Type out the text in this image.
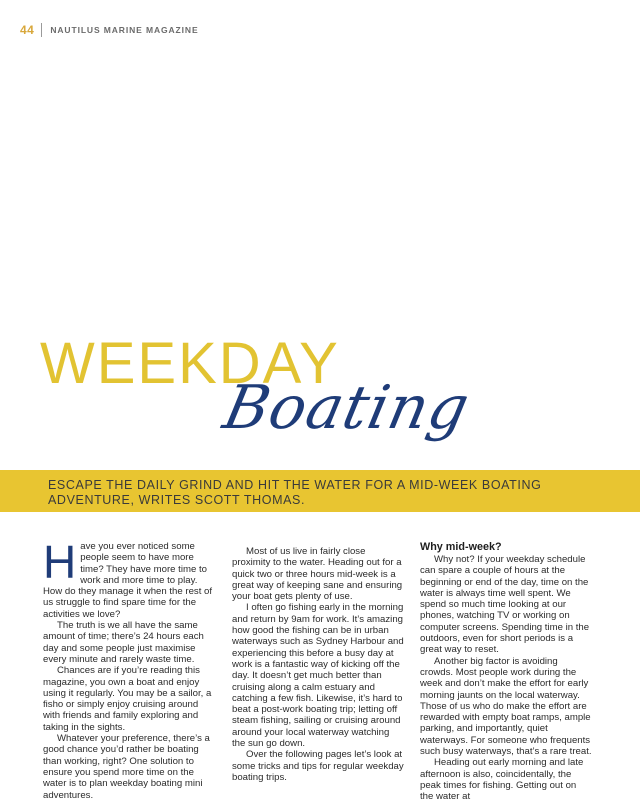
44 NAUTILUS MARINE MAGAZINE
WEEKDAY
Boating
ESCAPE THE DAILY GRIND AND HIT THE WATER FOR A MID-WEEK BOATING ADVENTURE, WRITES SCOTT THOMAS.

Have you ever noticed some people seem to have more time? They have more time to work and more time to play. How do they manage it when the rest of us struggle to find spare time for the activities we love?

The truth is we all have the same amount of time; there’s 24 hours each day and some people just maximise every minute and rarely waste time.

Chances are if you’re reading this magazine, you own a boat and enjoy using it regularly. You may be a sailor, a fisho or simply enjoy cruising around with friends and family exploring and taking in the sights.

Whatever your preference, there’s a good chance you’d rather be boating than working, right? One solution to ensure you spend more time on the water is to plan weekday boating mini adventures.

Most of us live in fairly close proximity to the water. Heading out for a quick two or three hours mid-week is a great way of keeping sane and ensuring your boat gets plenty of use.

I often go fishing early in the morning and return by 9am for work. It’s amazing how good the fishing can be in urban waterways such as Sydney Harbour and experiencing this before a busy day at work is a fantastic way of kicking off the day. It doesn’t get much better than cruising along a calm estuary and catching a few fish. Likewise, it’s hard to beat a post-work boating trip; letting off steam fishing, sailing or cruising around around your local waterway watching the sun go down.

Over the following pages let’s look at some tricks and tips for regular weekday boating trips.

Why mid-week?

Why not? If your weekday schedule can spare a couple of hours at the beginning or end of the day, time on the water is always time well spent. We spend so much time looking at our phones, watching TV or working on computer screens. Spending time in the outdoors, even for short periods is a great way to reset.

Another big factor is avoiding crowds. Most people work during the week and don’t make the effort for early morning jaunts on the local waterway. Those of us who do make the effort are rewarded with empty boat ramps, ample parking, and importantly, quiet waterways. For someone who frequents such busy waterways, that’s a rare treat.

Heading out early morning and late afternoon is also, coincidentally, the peak times for fishing. Getting out on the water at
